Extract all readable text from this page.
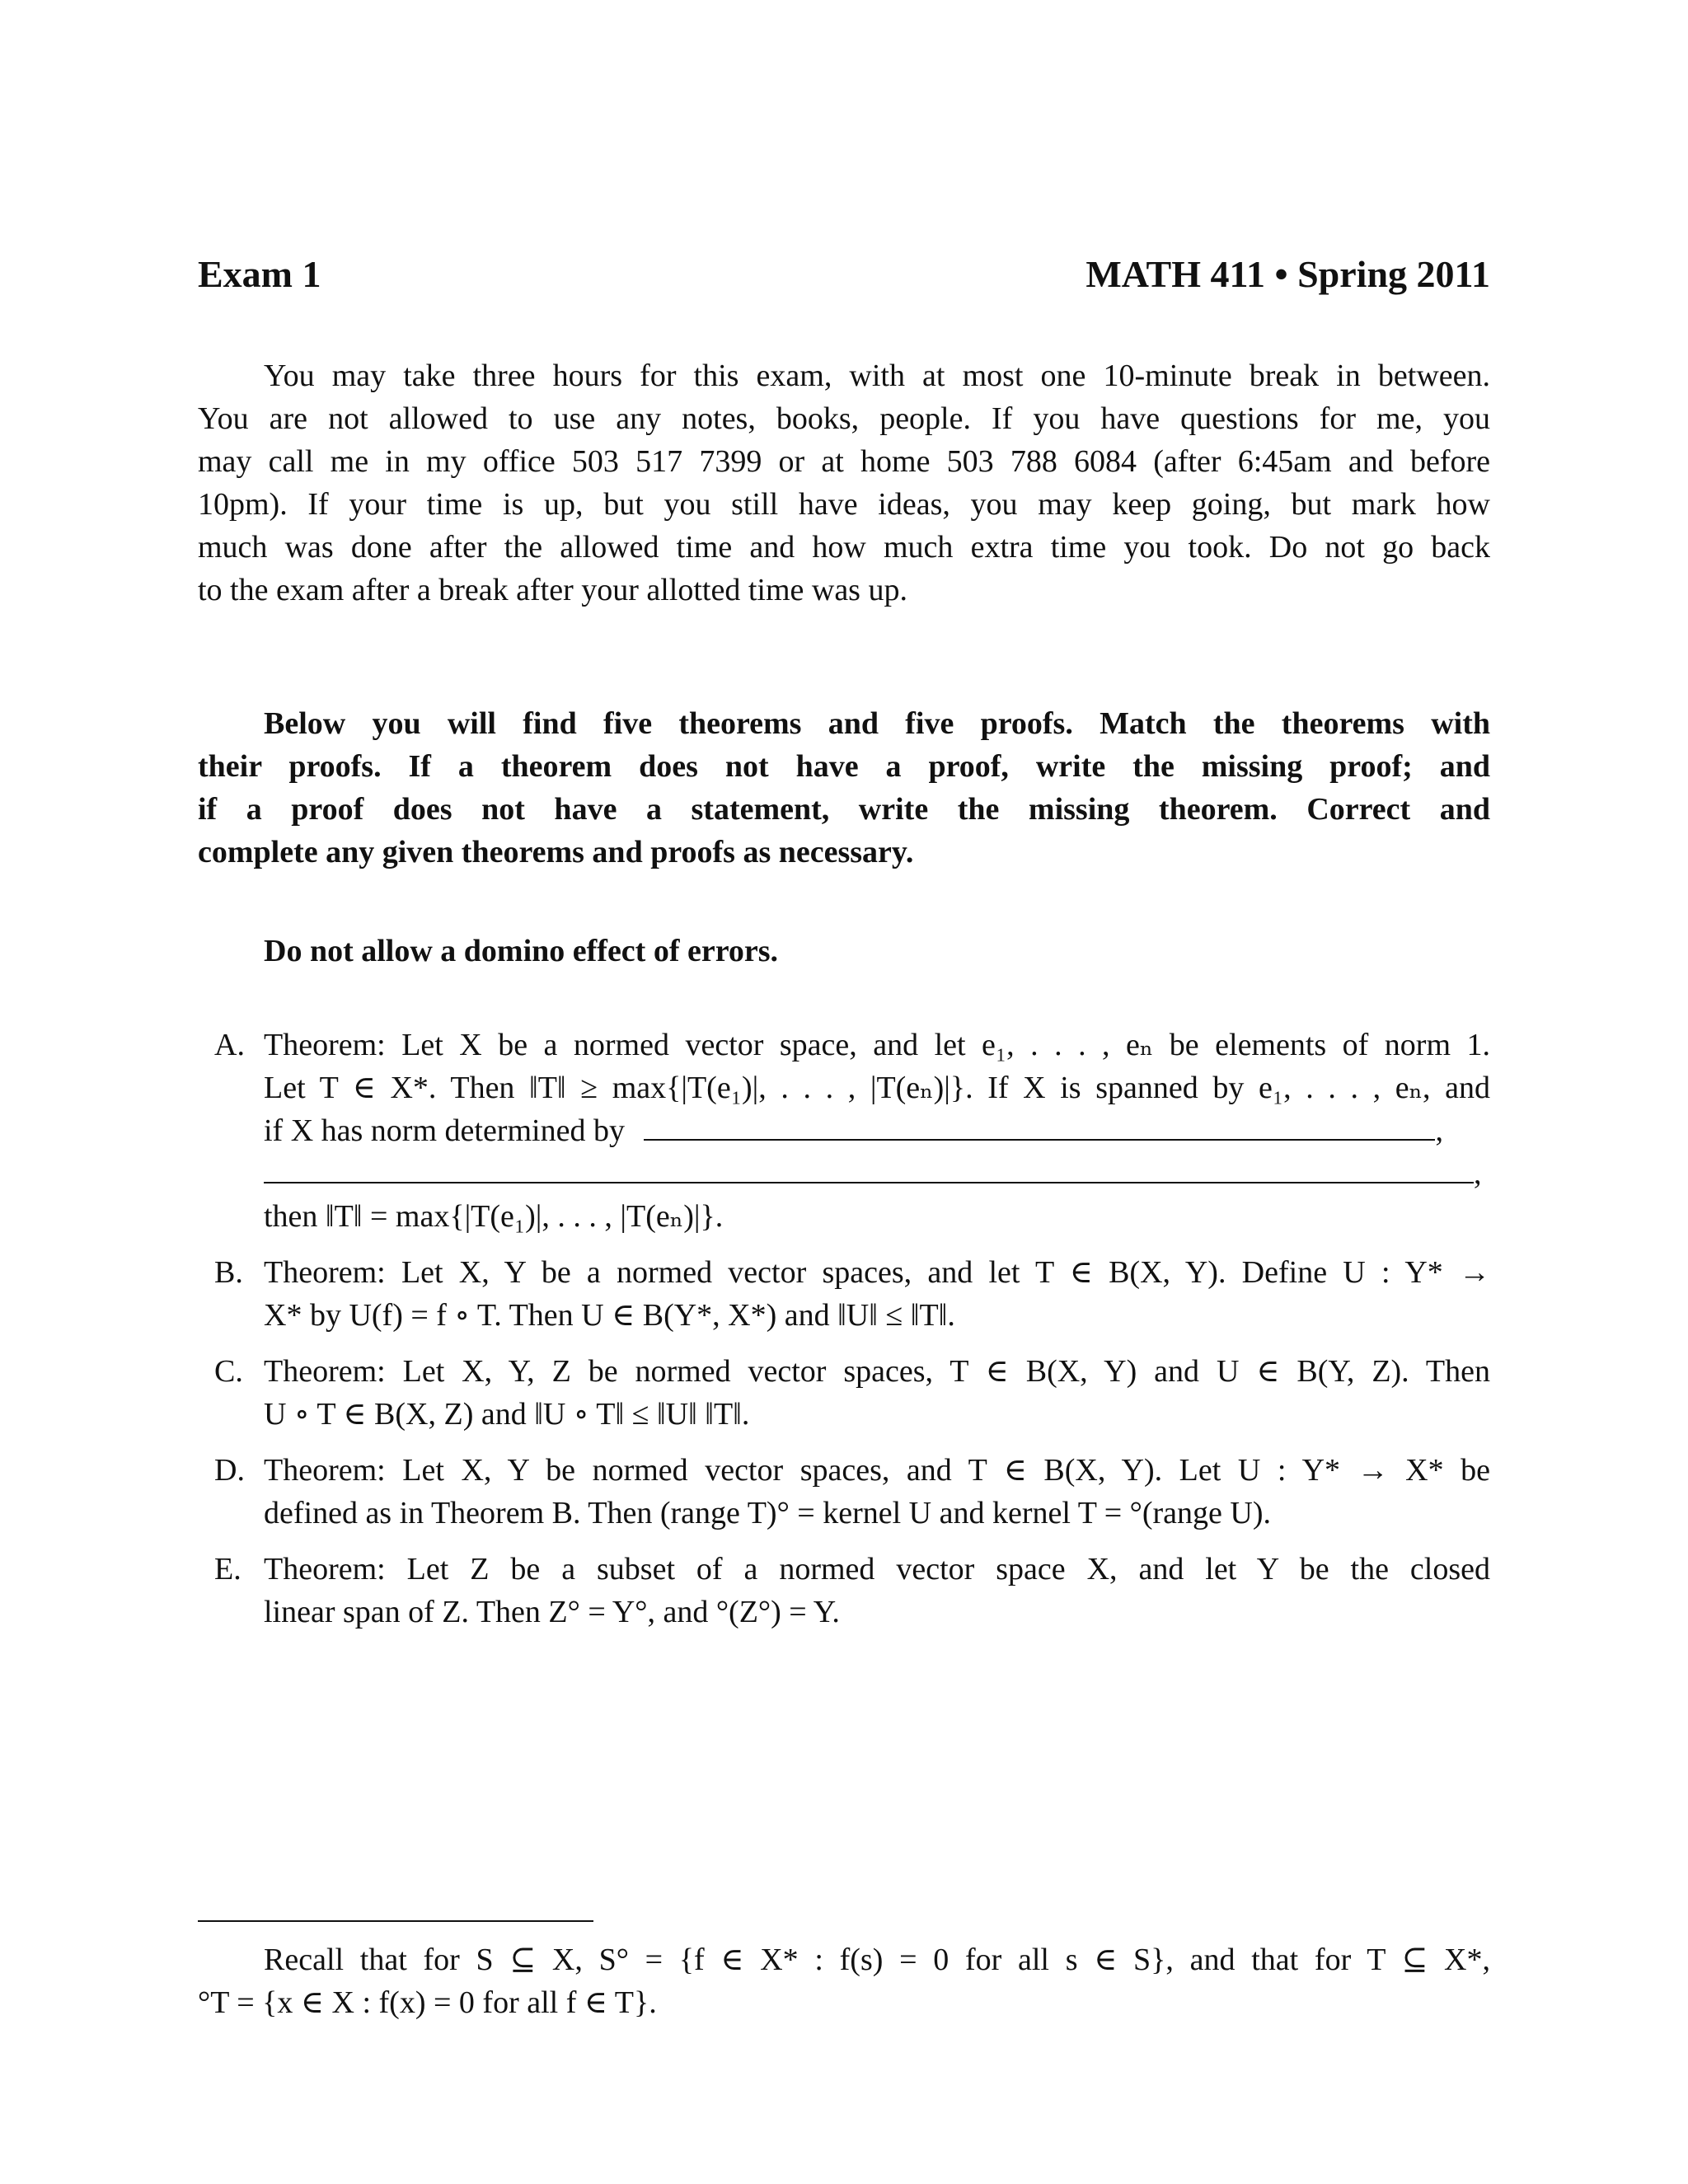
Exam 1	MATH 411 • Spring 2011
You may take three hours for this exam, with at most one 10-minute break in between.
You are not allowed to use any notes, books, people. If you have questions for me, you
may call me in my office 503 517 7399 or at home 503 788 6084 (after 6:45am and before
10pm). If your time is up, but you still have ideas, you may keep going, but mark how
much was done after the allowed time and how much extra time you took. Do not go back
to the exam after a break after your allotted time was up.
Below you will find five theorems and five proofs. Match the theorems with
their proofs. If a theorem does not have a proof, write the missing proof; and
if a proof does not have a statement, write the missing theorem. Correct and
complete any given theorems and proofs as necessary.
Do not allow a domino effect of errors.
A. Theorem: Let X be a normed vector space, and let e₁, . . . , eₙ be elements of norm 1.
Let T ∈ X*. Then ‖T‖ ≥ max{|T(e₁)|, . . . , |T(eₙ)|}. If X is spanned by e₁, . . . , eₙ, and
if X has norm determined by	,
,
then ‖T‖ = max{|T(e₁)|, . . . , |T(eₙ)|}.
B. Theorem: Let X, Y be a normed vector spaces, and let T ∈ B(X, Y). Define U : Y* →
X* by U(f) = f ∘ T. Then U ∈ B(Y*, X*) and ‖U‖ ≤ ‖T‖.
C. Theorem: Let X, Y, Z be normed vector spaces, T ∈ B(X, Y) and U ∈ B(Y, Z). Then
U ∘ T ∈ B(X, Z) and ‖U ∘ T‖ ≤ ‖U‖ ‖T‖.
D. Theorem: Let X, Y be normed vector spaces, and T ∈ B(X, Y). Let U : Y* → X* be
defined as in Theorem B. Then (range T)° = kernel U and kernel T = °(range U).
E. Theorem: Let Z be a subset of a normed vector space X, and let Y be the closed
linear span of Z. Then Z° = Y°, and °(Z°) = Y.
Recall that for S ⊆ X, S° = {f ∈ X* : f(s) = 0 for all s ∈ S}, and that for T ⊆ X*,
°T = {x ∈ X : f(x) = 0 for all f ∈ T}.
